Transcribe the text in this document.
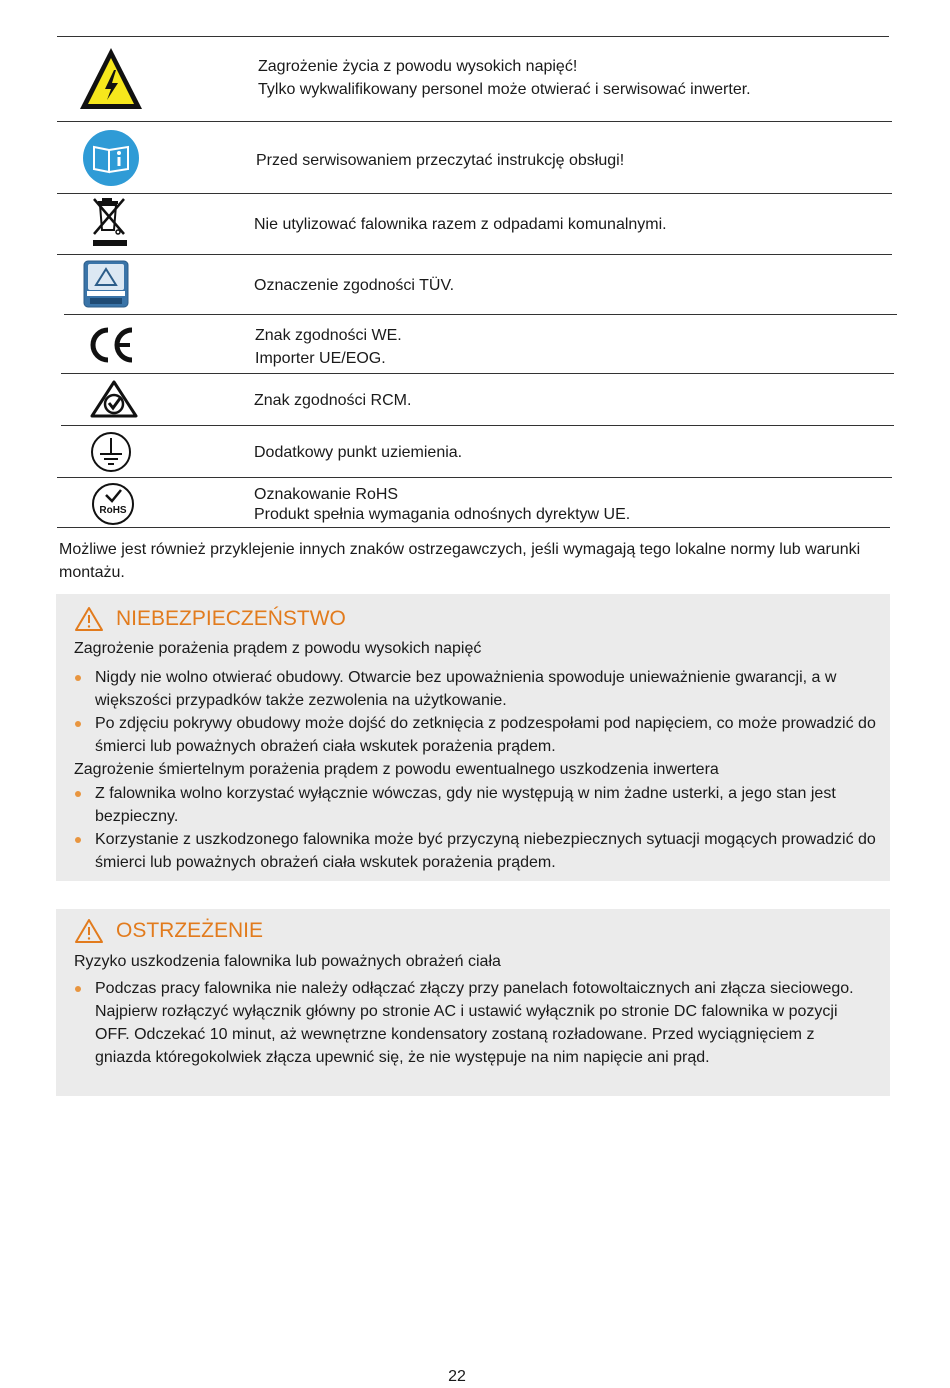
Zagrożenie życia z powodu wysokich napięć!
Tylko wykwalifikowany personel może otwierać i serwisować inwerter.
Przed serwisowaniem przeczytać instrukcję obsługi!
Nie utylizować falownika razem z odpadami komunalnymi.
Oznaczenie zgodności TÜV.
Znak zgodności WE.
Importer UE/EOG.
Znak zgodności RCM.
Dodatkowy punkt uziemienia.
RoHS
Oznakowanie RoHS
Produkt spełnia wymagania odnośnych dyrektyw UE.
Możliwe jest również przyklejenie innych znaków ostrzegawczych, jeśli wymagają tego lokalne normy lub warunki montażu.
NIEBEZPIECZEŃSTWO
Zagrożenie porażenia prądem z powodu wysokich napięć
Nigdy nie wolno otwierać obudowy. Otwarcie bez upoważnienia spowoduje unieważnienie gwarancji, a w większości przypadków także zezwolenia na użytkowanie.
Po zdjęciu pokrywy obudowy może dojść do zetknięcia z podzespołami pod napięciem, co może prowadzić do śmierci lub poważnych obrażeń ciała wskutek porażenia prądem.
Zagrożenie śmiertelnym porażenia prądem z powodu ewentualnego uszkodzenia inwertera
Z falownika wolno korzystać wyłącznie wówczas, gdy nie występują w nim żadne usterki, a jego stan jest bezpieczny.
Korzystanie z uszkodzonego falownika może być przyczyną niebezpiecznych sytuacji mogących prowadzić do śmierci lub poważnych obrażeń ciała wskutek porażenia prądem.
OSTRZEŻENIE
Ryzyko uszkodzenia falownika lub poważnych obrażeń ciała
Podczas pracy falownika nie należy odłączać złączy przy panelach fotowoltaicznych ani złącza sieciowego. Najpierw rozłączyć wyłącznik główny po stronie AC i ustawić wyłącznik po stronie DC falownika w pozycji OFF. Odczekać 10 minut, aż wewnętrzne kondensatory zostaną rozładowane. Przed wyciągnięciem z gniazda któregokolwiek złącza upewnić się, że nie występuje na nim napięcie ani prąd.
22
